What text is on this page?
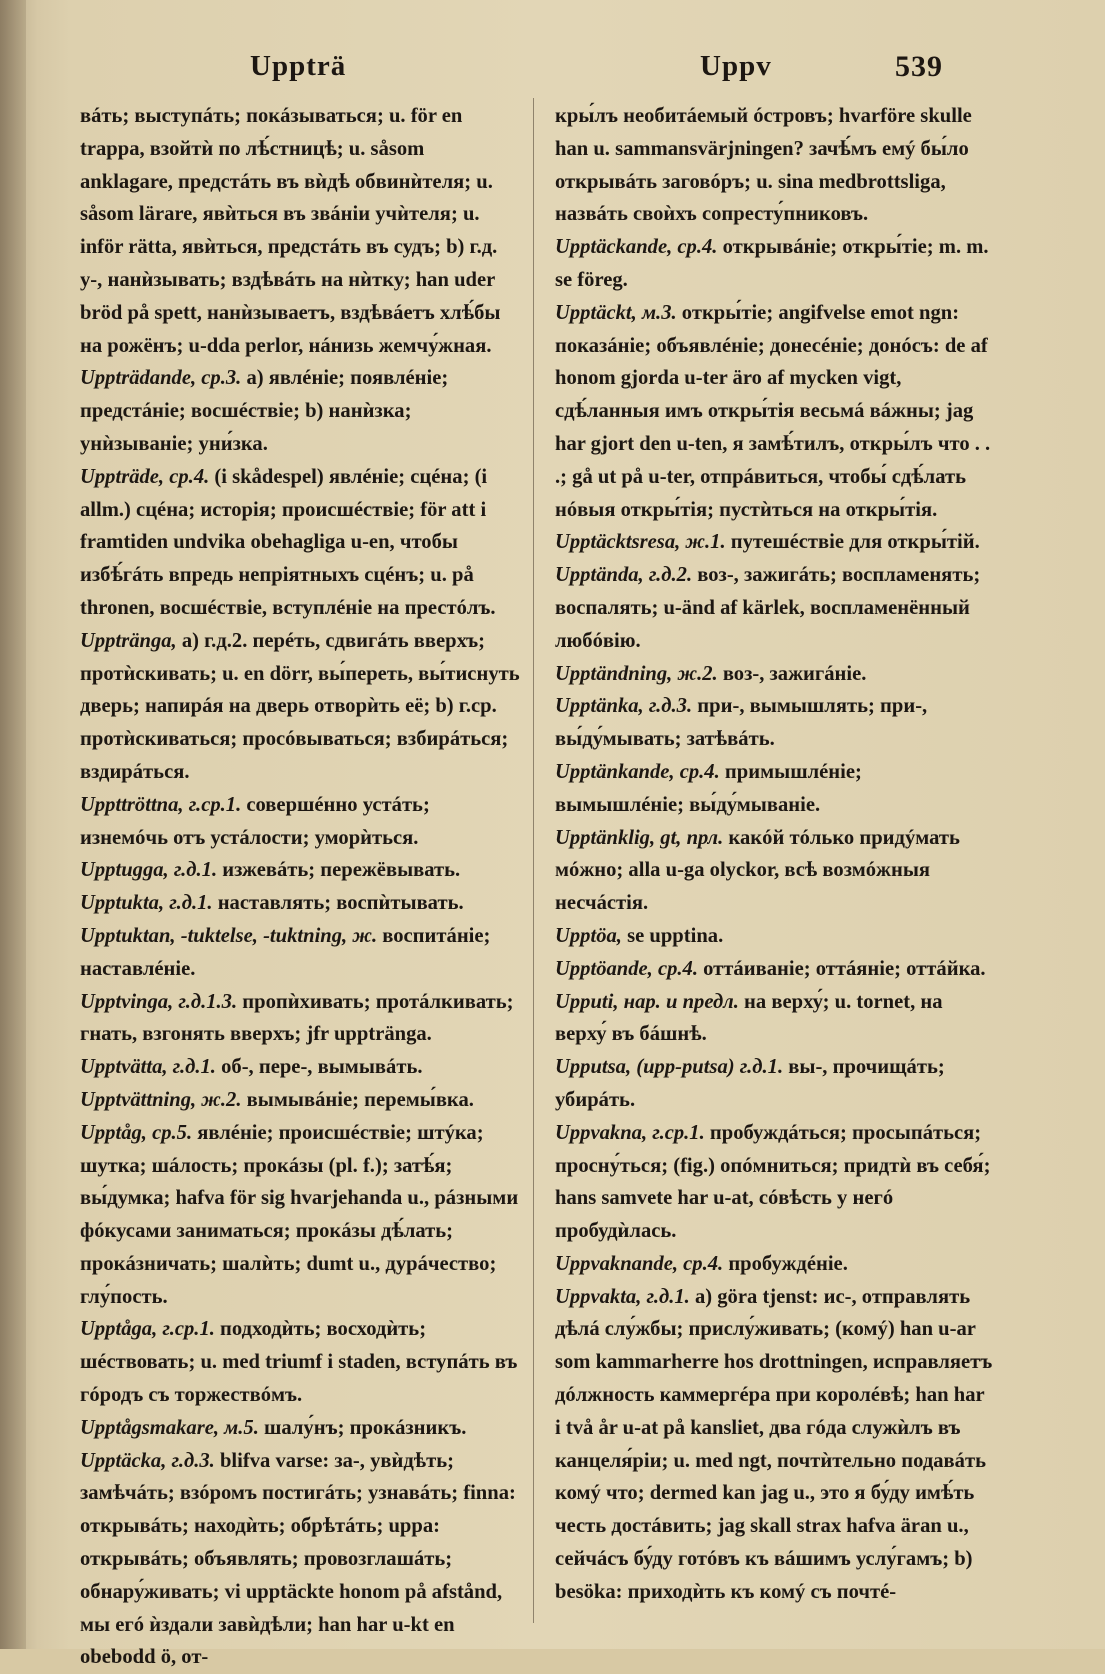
Uppträ	Uppv	539

вáть; выступáть; покáзываться; u. för en trappa, взойтѝ по лѣ́стницѣ; u. såsom anklagare, предстáть въ вѝдѣ обвинѝтеля; u. såsom lärare, явѝться въ звáніи учѝтеля; u. inför rätta, явѝться, предстáть въ судъ; b) г.д. у-, нанѝзывать; вздѣвáть на нѝтку; han uder bröd på spett, нанѝзываетъ, вздѣвáетъ хлѣ́бы на рожёнъ; u-dda perlor, нáнизь жемчу́жная.

Uppträdande, ср.3. а) явлéніе; появлéніе; предстáніе; восшéствіе; b) нанѝзка; унѝзываніе; уни́зка.

Uppträde, ср.4. (i skådespel) явлéніе; сцéна; (i allm.) сцéна; исторія; происшéствіе; för att i framtiden undvika obehagliga u-en, чтобы избѣ́гáть впредь непріятныхъ сцéнъ; u. på thronen, восшéствіе, вступлéніе на престóлъ.

Upptränga, а) г.д.2. перéть, сдвигáть вверхъ; протѝскивать; u. en dörr, вы́переть, вы́тиснуть дверь; напирáя на дверь отворѝть её; b) г.ср. протѝскиваться; просóвываться; взбирáться; вздирáться.

Uppttröttna, г.ср.1. совершéнно устáть; изнемóчь отъ устáлости; уморѝться.

Upptugga, г.д.1. изжевáть; пережёвывать.

Upptukta, г.д.1. наставлять; воспѝтывать.

Upptuktan, -tuktelse, -tuktning, ж. воспитáніе; наставлéніе.

Upptvinga, г.д.1.3. пропѝхивать; протáлкивать; гнать, взгонять вверхъ; jfr uppträngа.

Upptvätta, г.д.1. об-, пере-, вымывáть.

Upptvättning, ж.2. вымывáніе; перемы́вка.

Upptåg, ср.5. явлéніе; происшéствіе; штýка; шутка; шáлость; прокáзы (pl. f.); затѣ́я; вы́думка; hafva för sig hvarjehanda u., рáзными фóкусами заниматься; прокáзы дѣ́лать; прокáзничать; шалѝть; dumt u., дурáчество; глу́пость.

Upptåga, г.ср.1. подходѝть; восходѝть; шéствовать; u. med triumf i staden, вступáть въ гóродъ съ торжествóмъ.

Upptågsmakare, м.5. шалу́нъ; прокáзникъ.

Upptäcka, г.д.3. blifva varse: за-, увѝдѣть; замѣчáть; взóромъ постигáть; узнавáть; finna: открывáть; находѝть; обрѣтáть; uppa: открывáть; объявлять; провозглашáть; обнару́живать; vi upptäckte honom på afstånd, мы егó ѝздали завѝдѣли; han har u-kt en obebodd ö, от-

кры́лъ необитáемый óстровъ; hvarföre skulle han u. sammansvärjningen? зачѣ́мъ емý бы́ло открывáть заговóръ; u. sina medbrottsliga, назвáть своѝхъ сопресту́пниковъ.

Upptäckande, ср.4. открывáніе; откры́тіе; m. m. se föreg.

Upptäckt, м.3. откры́тіе; angifvelse emot ngn: показáніе; объявлéніе; донесéніе; донóсъ: de af honom gjorda u-ter äro af mycken vigt, сдѣ́ланныя имъ откры́тія весьмá вáжны; jag har gjort den u-ten, я замѣ́тилъ, откры́лъ что . . .; gå ut på u-ter, отпрáвиться, чтобы́ сдѣ́лать нóвыя откры́тія; пустѝться на откры́тія.

Upptäcktsresa, ж.1. путешéствіе для откры́тій.

Upptända, г.д.2. воз-, зажигáть; воспламенять; воспалять; u-änd af kärlek, воспламенённый любóвію.

Upptändning, ж.2. воз-, зажигáніе.

Upptänka, г.д.3. при-, вымышлять; при-, вы́ду́мывать; затѣвáть.

Upptänkande, ср.4. примышлéніе; вымышлéніе; вы́ду́мываніе.

Upptänklig, gt, прл. какóй тóлько придýмать мóжно; alla u-ga olyckor, всѣ возмóжныя несчáстія.

Upptöa, se upptina.

Upptöande, ср.4. оттáиваніе; оттáяніе; оттáйка.

Upputi, нар. и предл. на верху́; u. tornet, на верху́ въ бáшнѣ.

Upputsa, (upp-putsa) г.д.1. вы-, прочищáть; убирáть.

Uppvakna, г.ср.1. пробуждáться; просыпáться; просну́ться; (fig.) опóмниться; придтѝ въ себя́; hans samvete har u-at, сóвѣсть у негó пробудѝлась.

Uppvaknande, ср.4. пробуждéніе.

Uppvakta, г.д.1. а) göra tjenst: ис-, отправлять дѣлá слу́жбы; прислу́живать; (комý) han u-ar som kammarherre hos drottningen, исправляетъ дóлжность каммергéра при королéвѣ; han har i två år u-at på kansliet, два гóда служѝлъ въ канцеля́ріи; u. med ngt, почтѝтельно подавáть комý что; dermed kan jag u., это я бу́ду имѣ́ть честь достáвить; jag skall strax hafva äran u., сейчáсъ бу́ду готóвъ къ вáшимъ услу́гамъ; b) besöka: приходѝть къ комý съ почтé-
